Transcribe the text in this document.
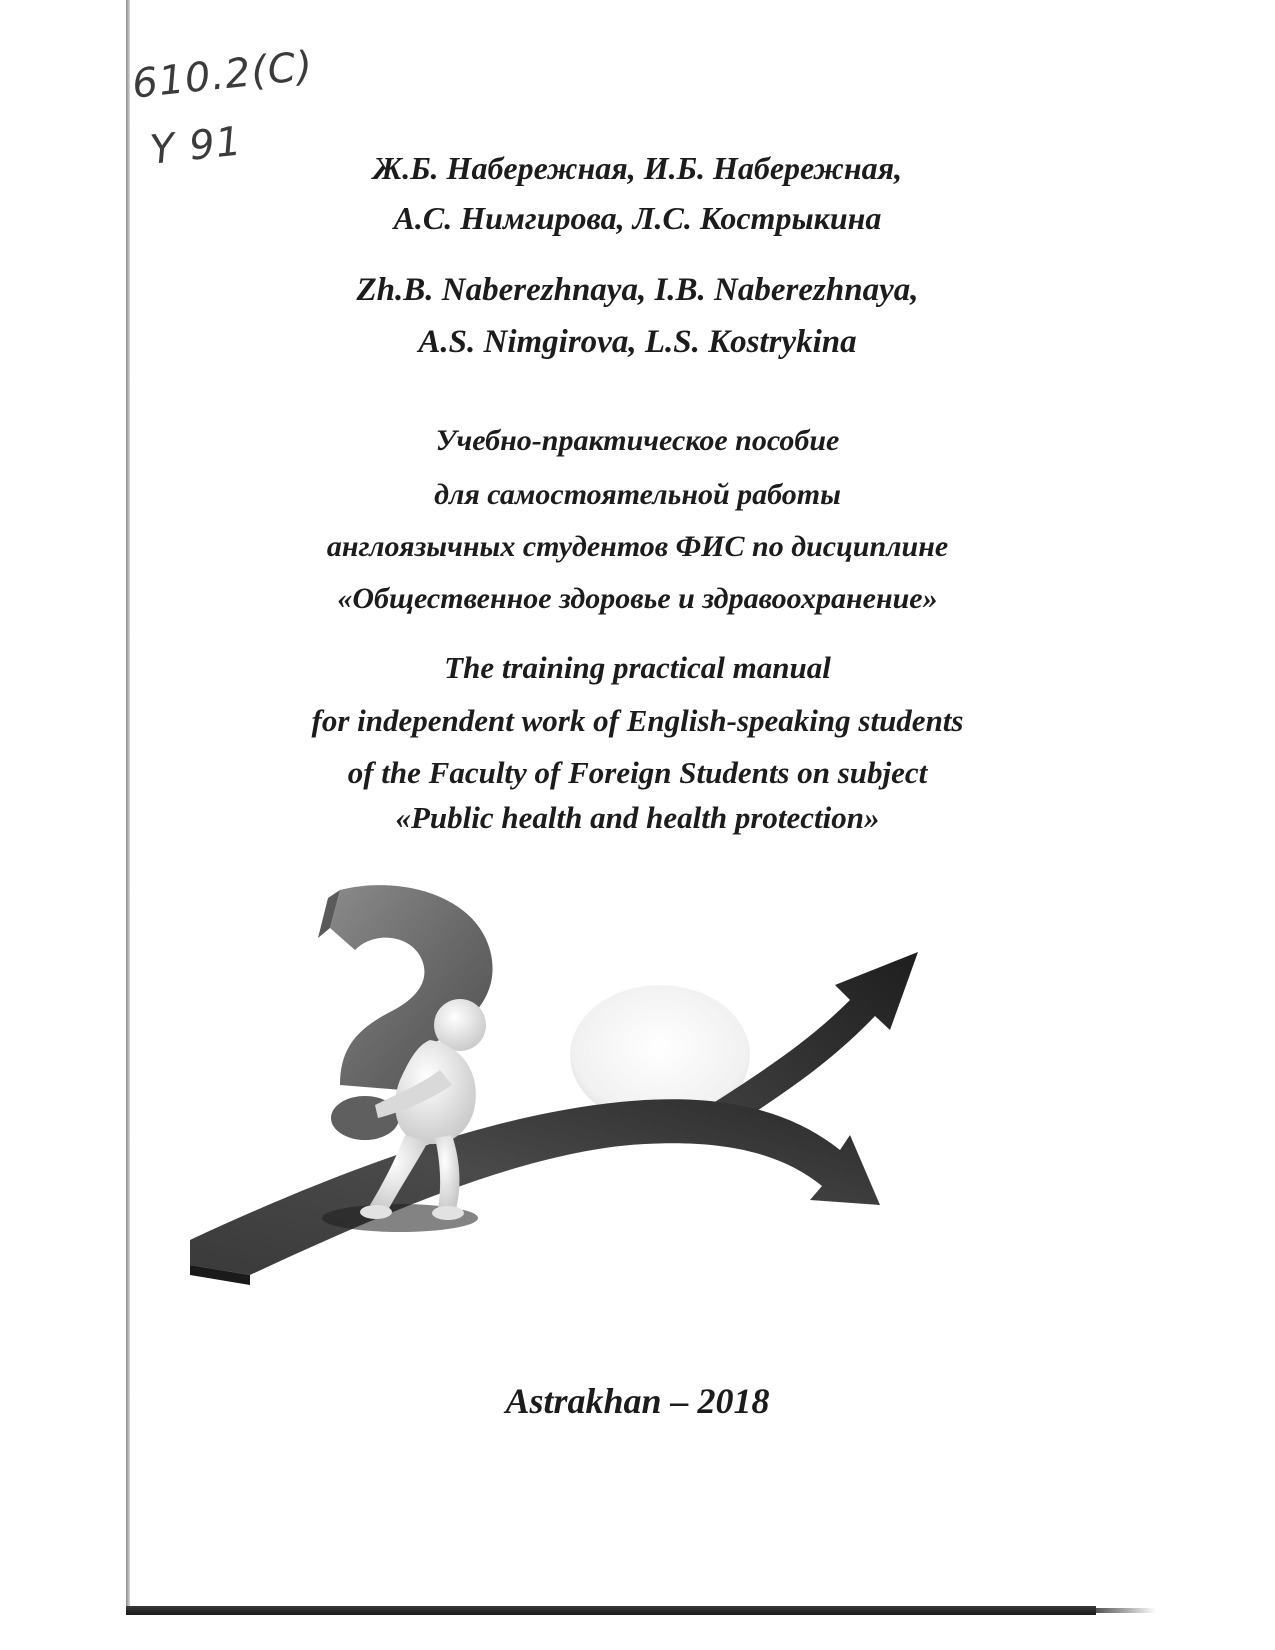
610.2(С)
Y 91	Ж.Б. Набережная, И.Б. Набережная,
А.С. Нимгирова, Л.С. Кострыкина
Zh.B. Naberezhnaya, I.B. Naberezhnaya,
A.S. Nimgirova, L.S. Kostrykina
Учебно-практическое пособие
для самостоятельной работы
англоязычных студентов ФИС по дисциплине
«Общественное здоровье и здравоохранение»
The training practical manual
for independent work of English-speaking students
of the Faculty of Foreign Students on subject
«Public health and health protection»
Astrakhan – 2018
